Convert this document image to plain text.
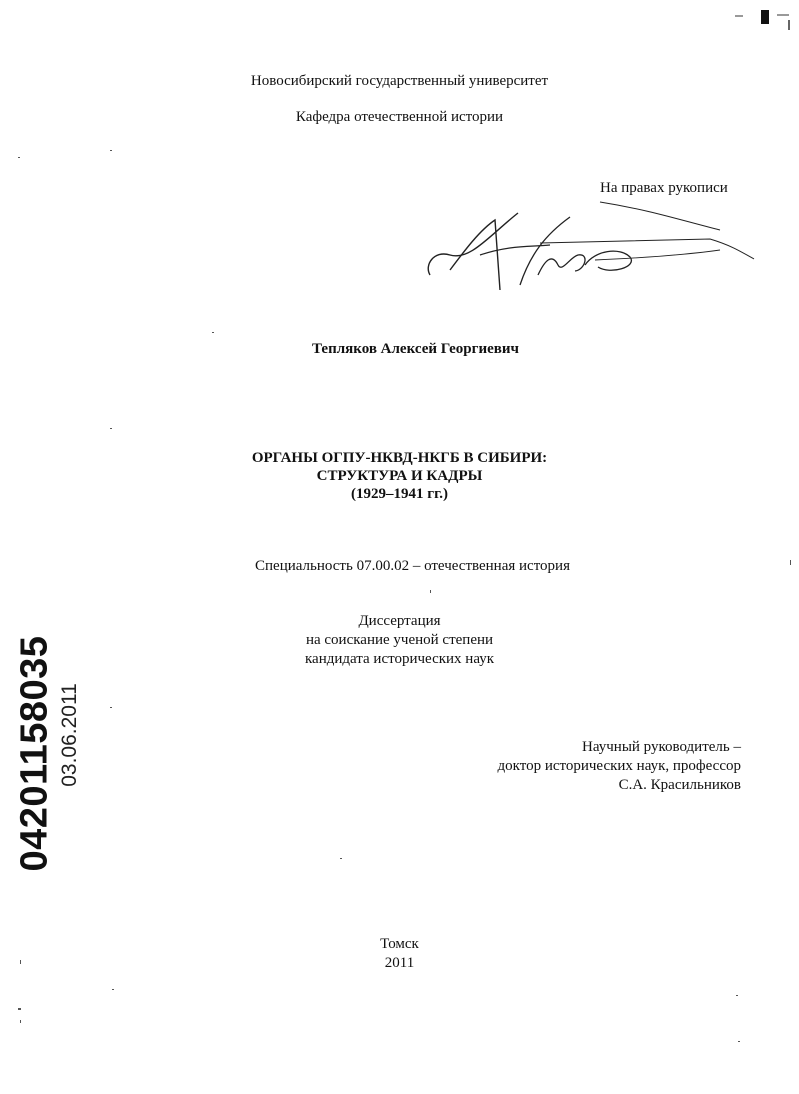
Новосибирский государственный университет
Кафедра отечественной истории
На правах рукописи
Тепляков Алексей Георгиевич
ОРГАНЫ ОГПУ-НКВД-НКГБ В СИБИРИ:
СТРУКТУРА И КАДРЫ
(1929–1941 гг.)
Специальность 07.00.02 – отечественная история
Диссертация
на соискание ученой степени
кандидата исторических наук
Научный руководитель –
доктор исторических наук, профессор
С.А. Красильников
Томск
2011
04201158035 03.06.2011
